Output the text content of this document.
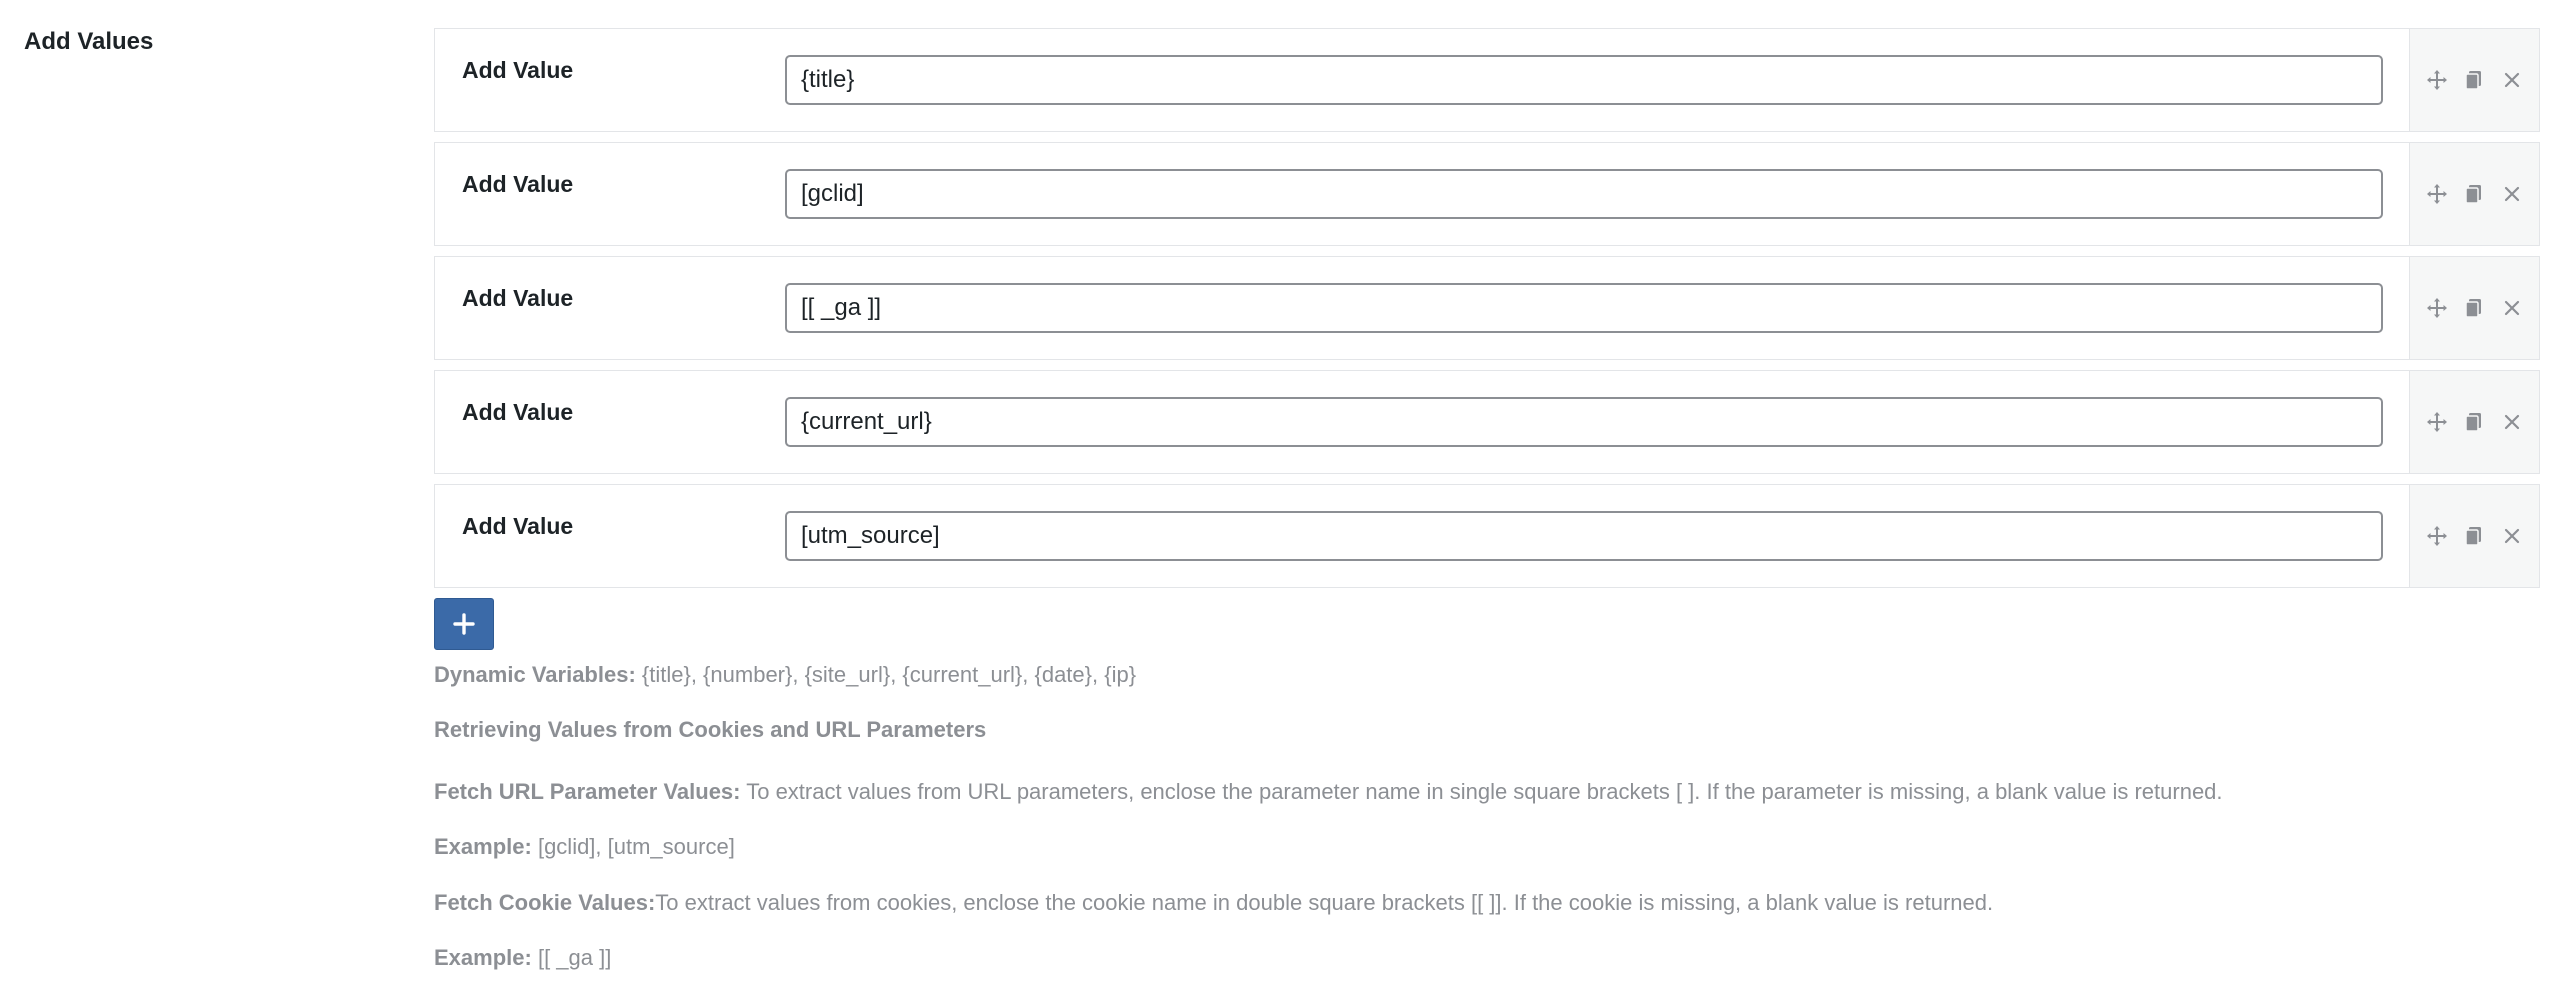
Add Values
Add Value
{title}
Add Value
[gclid]
Add Value
[[ _ga ]]
Add Value
{current_url}
Add Value
[utm_source]
Dynamic Variables: {title}, {number}, {site_url}, {current_url}, {date}, {ip}
Retrieving Values from Cookies and URL Parameters
Fetch URL Parameter Values: To extract values from URL parameters, enclose the parameter name in single square brackets [ ]. If the parameter is missing, a blank value is returned.
Example: [gclid], [utm_source]
Fetch Cookie Values:To extract values from cookies, enclose the cookie name in double square brackets [[ ]]. If the cookie is missing, a blank value is returned.
Example: [[ _ga ]]
